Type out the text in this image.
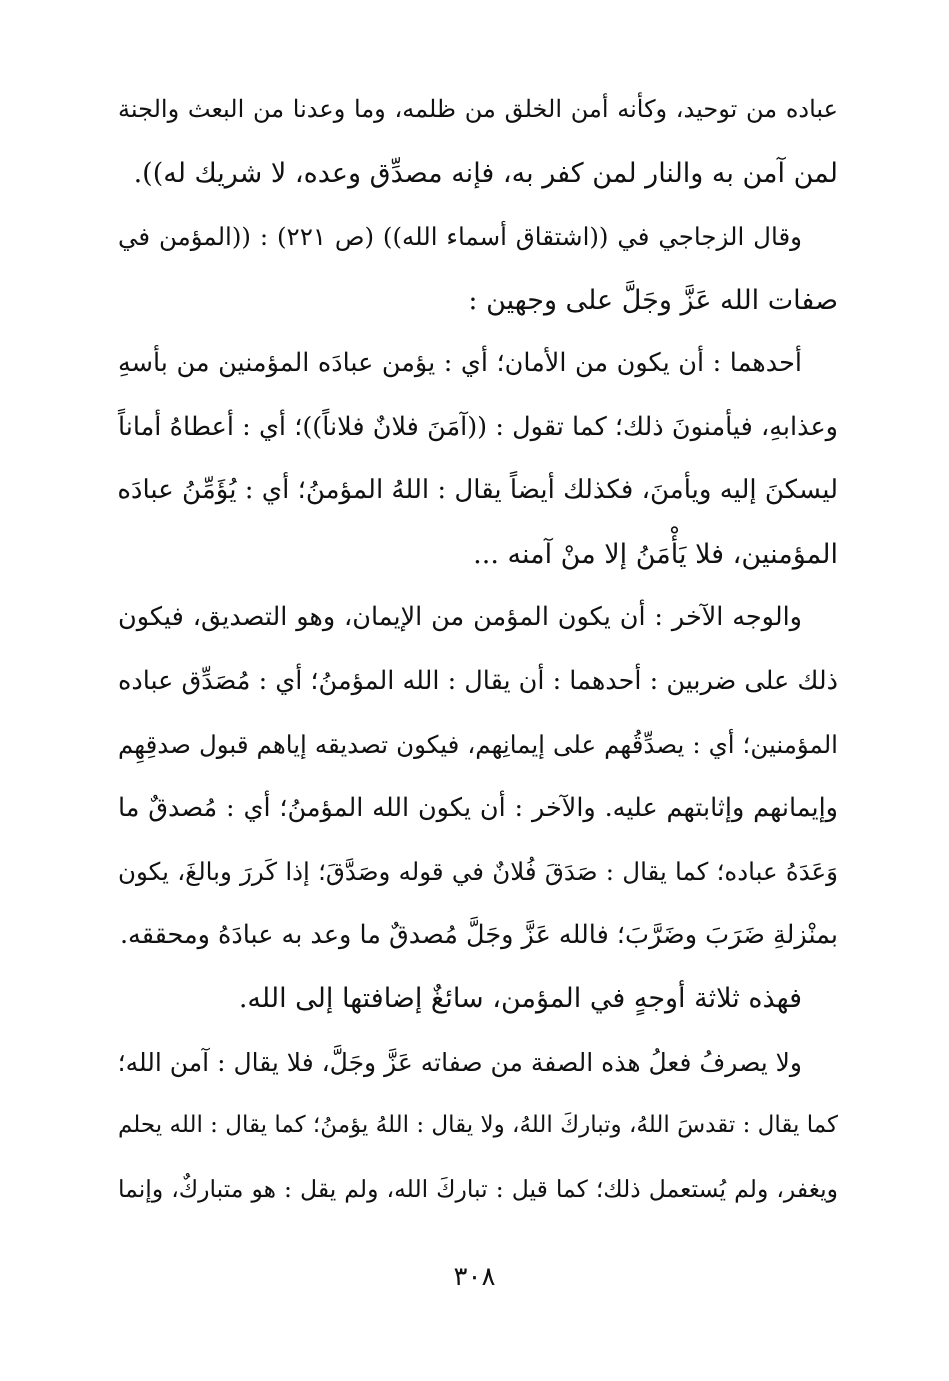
عباده من توحيد، وكأنه أمن الخلق من ظلمه، وما وعدنا من البعث والجنة
لمن آمن به والنار لمن كفر به، فإنه مصدِّق وعده، لا شريك له)).
وقال الزجاجي في ((اشتقاق أسماء الله)) (ص ٢٢١) : ((المؤمن في
صفات الله عَزَّ وجَلَّ على وجهين :
أحدهما : أن يكون من الأمان؛ أي : يؤمن عبادَه المؤمنين من بأسهِ
وعذابهِ، فيأمنونَ ذلك؛ كما تقول : ((آمَنَ فلانٌ فلاناً))؛ أي : أعطاهُ أماناً
ليسكنَ إليه ويأمنَ، فكذلك أيضاً يقال : اللهُ المؤمنُ؛ أي : يُؤَمِّنُ عبادَه
المؤمنين، فلا يَأْمَنُ إلا منْ آمنه ...
والوجه الآخر : أن يكون المؤمن من الإيمان، وهو التصديق، فيكون
ذلك على ضربين : أحدهما : أن يقال : الله المؤمنُ؛ أي : مُصَدِّق عباده
المؤمنين؛ أي : يصدِّقُهم على إيمانِهم، فيكون تصديقه إياهم قبول صدقِهِم
وإيمانهم وإثابتهم عليه. والآخر : أن يكون الله المؤمنُ؛ أي : مُصدقٌ ما
وَعَدَهُ عباده؛ كما يقال : صَدَقَ فُلانٌ في قوله وصَدَّقَ؛ إذا كَررَ وبالغَ، يكون
بمنْزلةِ ضَرَبَ وضَرَّبَ؛ فالله عَزَّ وجَلَّ مُصدقٌ ما وعد به عبادَهُ ومحققه.
فهذه ثلاثة أوجهٍ في المؤمن، سائغٌ إضافتها إلى الله.
ولا يصرفُ فعلُ هذه الصفة من صفاته عَزَّ وجَلَّ، فلا يقال : آمن الله؛
كما يقال : تقدسَ اللهُ، وتباركَ اللهُ، ولا يقال : اللهُ يؤمنُ؛ كما يقال : الله يحلم
ويغفر، ولم يُستعمل ذلك؛ كما قيل : تباركَ الله، ولم يقل : هو متباركٌ، وإنما
٣٠٨
